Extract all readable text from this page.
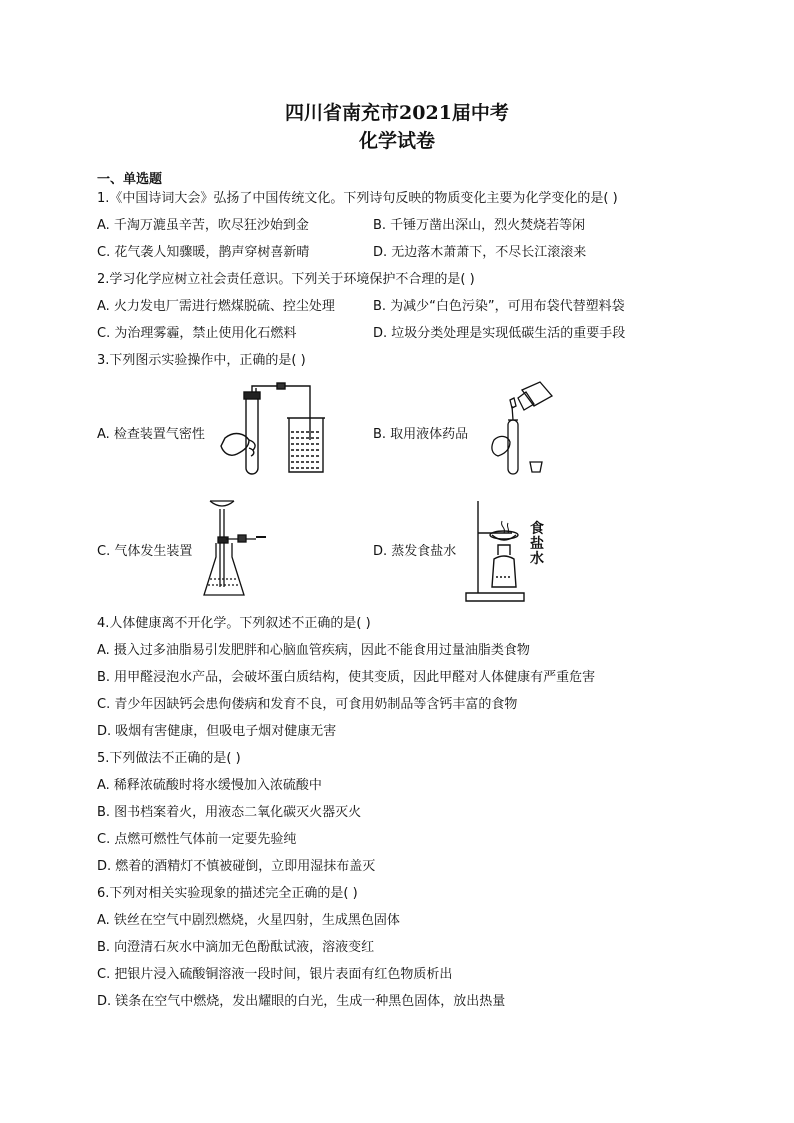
四川省南充市2021届中考
化学试卷
一、单选题
1.《中国诗词大会》弘扬了中国传统文化。下列诗句反映的物质变化主要为化学变化的是( )
A. 千淘万漉虽辛苦，吹尽狂沙始到金	B. 千锤万凿出深山，烈火焚烧若等闲
C. 花气袭人知骤暖，鹊声穿树喜新晴	D. 无边落木萧萧下，不尽长江滚滚来
2.学习化学应树立社会责任意识。下列关于环境保护不合理的是( )
A. 火力发电厂需进行燃煤脱硫、控尘处理	B. 为减少“白色污染”，可用布袋代替塑料袋
C. 为治理雾霾，禁止使用化石燃料	D. 垃圾分类处理是实现低碳生活的重要手段
3.下列图示实验操作中，正确的是( )
A. 检查装置气密性	B. 取用液体药品
C. 气体发生装置	D. 蒸发食盐水
食
盐
水
4.人体健康离不开化学。下列叙述不正确的是( )
A. 摄入过多油脂易引发肥胖和心脑血管疾病，因此不能食用过量油脂类食物
B. 用甲醛浸泡水产品，会破坏蛋白质结构，使其变质，因此甲醛对人体健康有严重危害
C. 青少年因缺钙会患佝偻病和发育不良，可食用奶制品等含钙丰富的食物
D. 吸烟有害健康，但吸电子烟对健康无害
5.下列做法不正确的是( )
A. 稀释浓硫酸时将水缓慢加入浓硫酸中
B. 图书档案着火，用液态二氧化碳灭火器灭火
C. 点燃可燃性气体前一定要先验纯
D. 燃着的酒精灯不慎被碰倒，立即用湿抹布盖灭
6.下列对相关实验现象的描述完全正确的是( )
A. 铁丝在空气中剧烈燃烧，火星四射，生成黑色固体
B. 向澄清石灰水中滴加无色酚酞试液，溶液变红
C. 把银片浸入硫酸铜溶液一段时间，银片表面有红色物质析出
D. 镁条在空气中燃烧，发出耀眼的白光，生成一种黑色固体，放出热量
